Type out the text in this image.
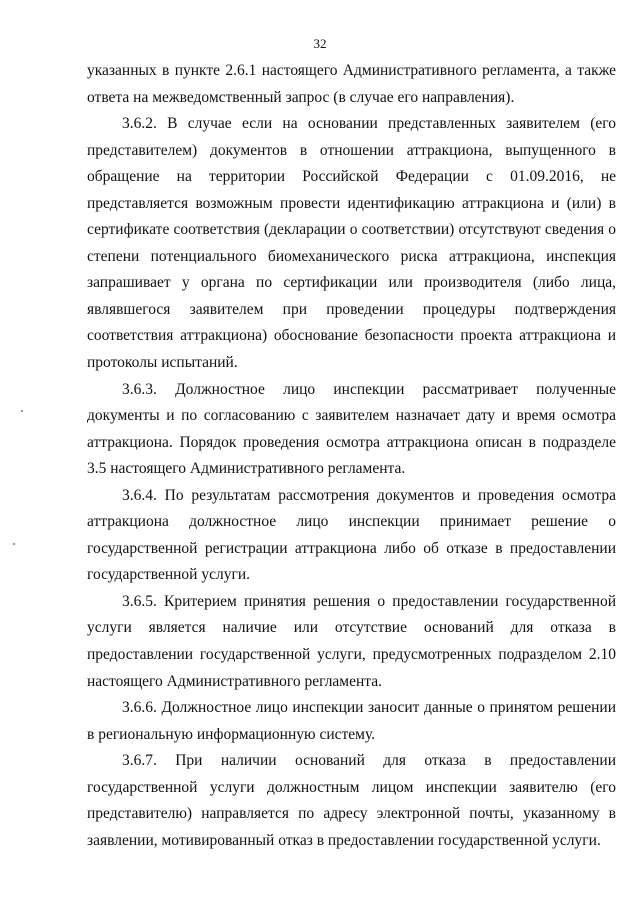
32

указанных в пункте 2.6.1 настоящего Административного регламента, а также ответа на межведомственный запрос (в случае его направления).

3.6.2. В случае если на основании представленных заявителем (его представителем) документов в отношении аттракциона, выпущенного в обращение на территории Российской Федерации с 01.09.2016, не представляется возможным провести идентификацию аттракциона и (или) в сертификате соответствия (декларации о соответствии) отсутствуют сведения о степени потенциального биомеханического риска аттракциона, инспекция запрашивает у органа по сертификации или производителя (либо лица, являвшегося заявителем при проведении процедуры подтверждения соответствия аттракциона) обоснование безопасности проекта аттракциона и протоколы испытаний.

3.6.3. Должностное лицо инспекции рассматривает полученные документы и по согласованию с заявителем назначает дату и время осмотра аттракциона. Порядок проведения осмотра аттракциона описан в подразделе 3.5 настоящего Административного регламента.

3.6.4. По результатам рассмотрения документов и проведения осмотра аттракциона должностное лицо инспекции принимает решение о государственной регистрации аттракциона либо об отказе в предоставлении государственной услуги.

3.6.5. Критерием принятия решения о предоставлении государственной услуги является наличие или отсутствие оснований для отказа в предоставлении государственной услуги, предусмотренных подразделом 2.10 настоящего Административного регламента.

3.6.6. Должностное лицо инспекции заносит данные о принятом решении в региональную информационную систему.

3.6.7. При наличии оснований для отказа в предоставлении государственной услуги должностным лицом инспекции заявителю (его представителю) направляется по адресу электронной почты, указанному в заявлении, мотивированный отказ в предоставлении государственной услуги.
